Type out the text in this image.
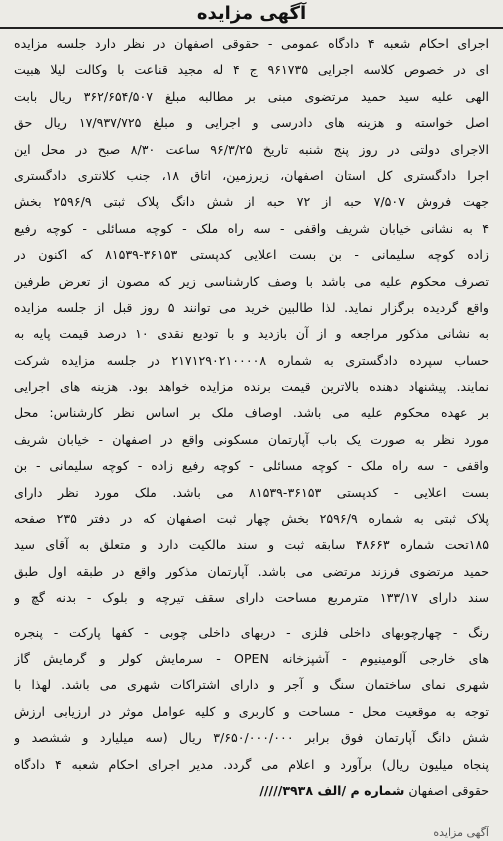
آگهی مزایده
اجرای احکام شعبه ۴ دادگاه عمومی - حقوقی اصفهان در نظر دارد جلسه مزایده
ای در خصوص کلاسه اجرایی ۹۶۱۷۳۵ ج ۴ له مجید قناعت با وکالت لیلا هبیت
الهی علیه سید حمید مرتضوی مبنی بر مطالبه مبلغ ۳۶۲/۶۵۴/۵۰۷ ریال بابت
اصل خواسته و هزینه های دادرسی و اجرایی و مبلغ ۱۷/۹۳۷/۷۲۵ ریال حق
الاجرای دولتی در روز پنج شنبه تاریخ ۹۶/۳/۲۵ ساعت ۸/۳۰ صبح در محل این
اجرا دادگستری کل استان اصفهان، زیرزمین، اتاق ۱۸، جنب کلانتری دادگستری
جهت فروش ۷/۵۰۷ حبه از ۷۲ حبه از شش دانگ پلاک ثبتی ۲۵۹۶/۹ بخش
۴ به نشانی خیابان شریف واقفی - سه راه ملک - کوچه مسائلی - کوچه رفیع
زاده کوچه سلیمانی - بن بست اعلایی کدپستی ۳۶۱۵۳-۸۱۵۳۹ که اکنون در
تصرف محکوم علیه می باشد با وصف کارشناسی زیر که مصون از تعرض طرفین
واقع گردیده برگزار نماید. لذا طالبین خرید می توانند ۵ روز قبل از جلسه مزایده
به نشانی مذکور مراجعه و از آن بازدید و با تودیع نقدی ۱۰ درصد قیمت پایه به
حساب سپرده دادگستری به شماره ۲۱۷۱۲۹۰۲۱۰۰۰۰۸ در جلسه مزایده شرکت
نمایند. پیشنهاد دهنده بالاترین قیمت برنده مزایده خواهد بود. هزینه های اجرایی
بر عهده محکوم علیه می باشد. اوصاف ملک بر اساس نظر کارشناس: محل
مورد نظر به صورت یک باب آپارتمان مسکونی واقع در اصفهان - خیابان شریف
واقفی - سه راه ملک - کوچه مسائلی - کوچه رفیع زاده - کوچه سلیمانی - بن
بست اعلایی - کدپستی ۳۶۱۵۳-۸۱۵۳۹ می باشد. ملک مورد نظر دارای
پلاک ثبتی به شماره ۲۵۹۶/۹ بخش چهار ثبت اصفهان که در دفتر ۲۳۵ صفحه
۱۸۵تحت شماره ۴۸۶۶۳ سابقه ثبت و سند مالکیت دارد و متعلق به آقای سید
حمید مرتضوی فرزند مرتضی می باشد. آپارتمان مذکور واقع در طبقه اول طبق
سند دارای ۱۳۳/۱۷ مترمربع مساحت دارای سقف تیرچه و بلوک - بدنه گچ و
رنگ - چهارچوبهای داخلی فلزی - دربهای داخلی چوبی - کفها پارکت - پنجره
های خارجی آلومینیوم - آشپزخانه OPEN - سرمایش کولر و گرمایش گاز
شهری نمای ساختمان سنگ و آجر و دارای اشتراکات شهری می باشد. لهذا با
توجه به موقعیت محل - مساحت و کاربری و کلیه عوامل موثر در ارزیابی ارزش
شش دانگ آپارتمان فوق برابر ۳/۶۵۰/۰۰۰/۰۰۰ ریال (سه میلیارد و ششصد و
پنجاه میلیون ریال) برآورد و اعلام می گردد. مدیر اجرای احکام شعبه ۴ دادگاه
حقوقی اصفهان شماره م /الف ۳۹۳۸/////
آگهی مزایده
